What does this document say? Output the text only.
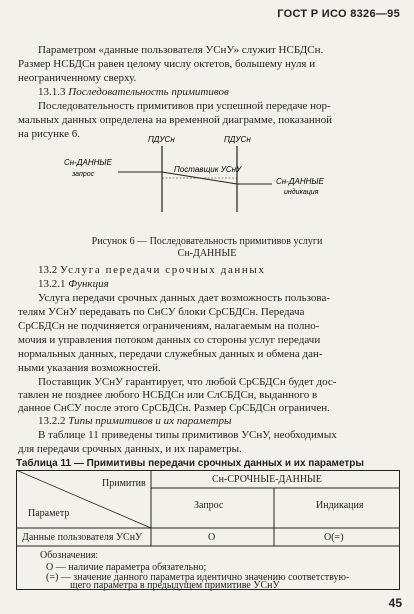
ГОСТ Р ИСО 8326—95
Параметром «данные пользователя УСнУ» служит НСБДСн.
Размер НСБДСн равен целому числу октетов, большему нуля и
неограниченному сверху.
13.1.3 Последовательность примитивов
Последовательность примитивов при успешной передаче нор-
мальных данных определена на временной диаграмме, показанной
на рисунке 6.	ПДУСн	ПДУСн
Сн-ДАННЫЕ
запрос
Поставщик УСнУ
Сн-ДАННЫЕ
индикация
Рисунок 6 — Последовательность примитивов услуги
Сн-ДАННЫЕ
13.2 Услуга передачи срочных данных
13.2.1 Функция
Услуга передачи срочных данных дает возможность пользова-
телям УСнУ передавать по СнСУ блоки СрСБДСн. Передача
СрСБДСн не подчиняется ограничениям, налагаемым на полно-
мочия и управления потоком данных со стороны услуг передачи
нормальных данных, передачи служебных данных и обмена дан-
ными указания возможностей.
Поставщик УСнУ гарантирует, что любой СрСБДСн будет дос-
тавлен не позднее любого НСБДСн или СлСБДСн, выданного в
данное СнСУ после этого СрСБДСн. Размер СрСБДСн ограничен.
13.2.2 Типы примитивов и их параметры
В таблице 11 приведены типы примитивов УСнУ, необходимых
для передачи срочных данных, и их параметры.
Таблица 11 — Примитивы передачи срочных данных и их параметры
Примитив
Параметр
Сн-СРОЧНЫЕ-ДАННЫЕ
Запрос	Индикация
Данные пользователя УСнУ	О	О(=)
Обозначения:
О — наличие параметра обязательно;
(=) — значение данного параметра идентично значению соответствую-
щего параметра в предыдущем примитиве УСнУ
45
